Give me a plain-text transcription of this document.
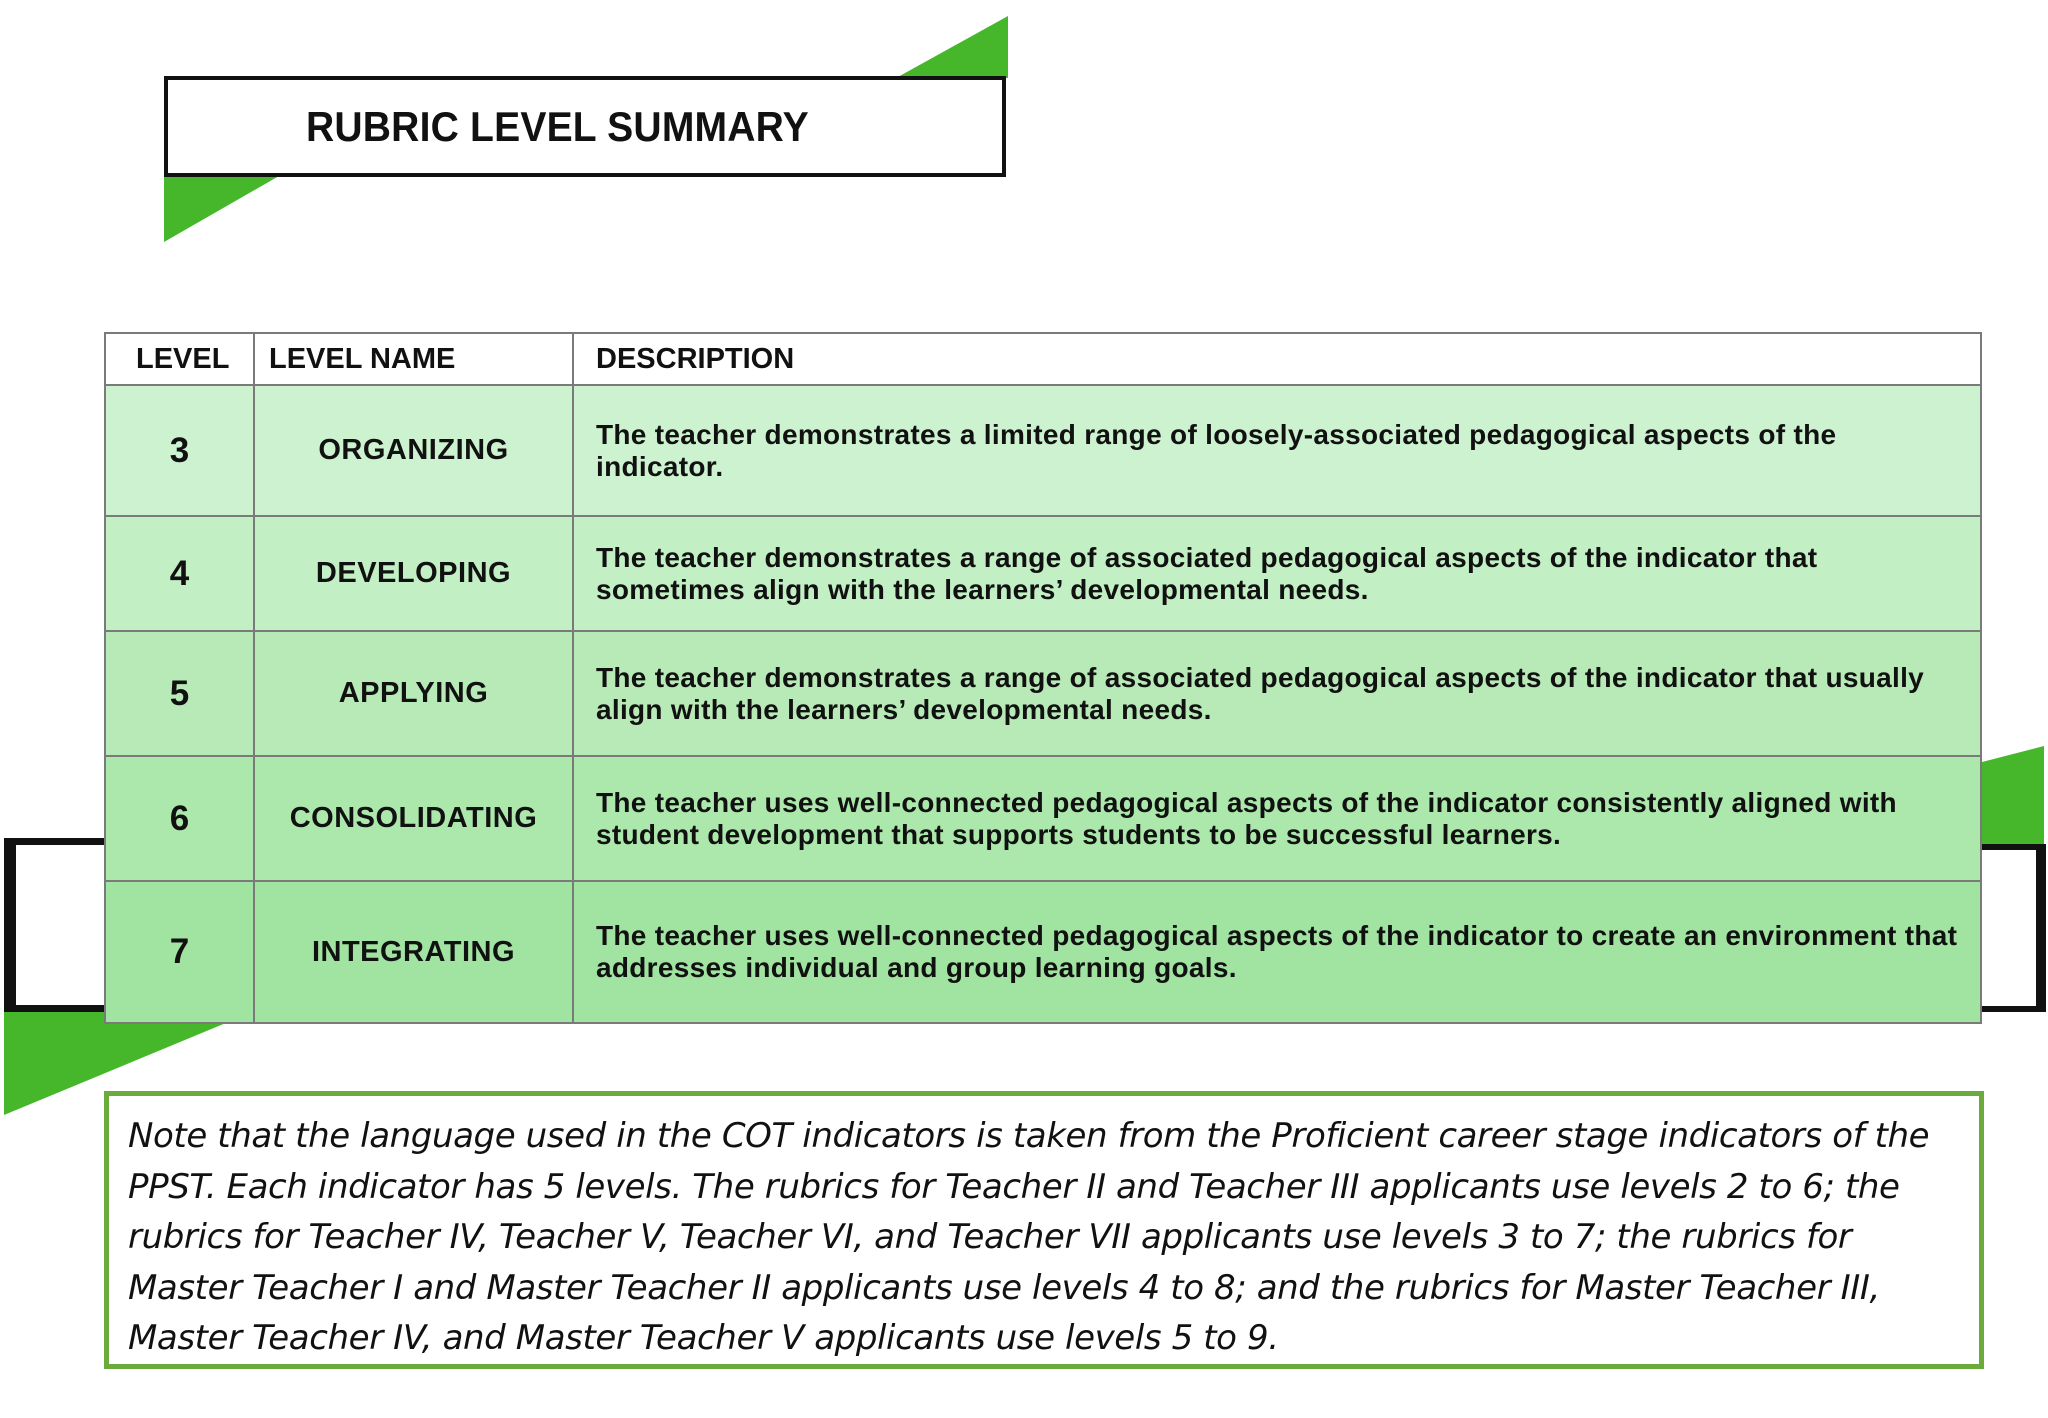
RUBRIC LEVEL SUMMARY
LEVEL	LEVEL NAME	DESCRIPTION
3	ORGANIZING	The teacher demonstrates a limited range of loosely-associated pedagogical aspects of the indicator.
4	DEVELOPING	The teacher demonstrates a range of associated pedagogical aspects of the indicator that sometimes align with the learners’ developmental needs.
5	APPLYING	The teacher demonstrates a range of associated pedagogical aspects of the indicator that usually align with the learners’ developmental needs.
6	CONSOLIDATING	The teacher uses well-connected pedagogical aspects of the indicator consistently aligned with student development that supports students to be successful learners.
7	INTEGRATING	The teacher uses well-connected pedagogical aspects of the indicator to create an environment that addresses individual and group learning goals.
Note that the language used in the COT indicators is taken from the Proficient career stage indicators of the PPST. Each indicator has 5 levels. The rubrics for Teacher II and Teacher III applicants use levels 2 to 6; the rubrics for Teacher IV, Teacher V, Teacher VI, and Teacher VII applicants use levels 3 to 7; the rubrics for Master Teacher I and Master Teacher II applicants use levels 4 to 8; and the rubrics for Master Teacher III, Master Teacher IV, and Master Teacher V applicants use levels 5 to 9.
